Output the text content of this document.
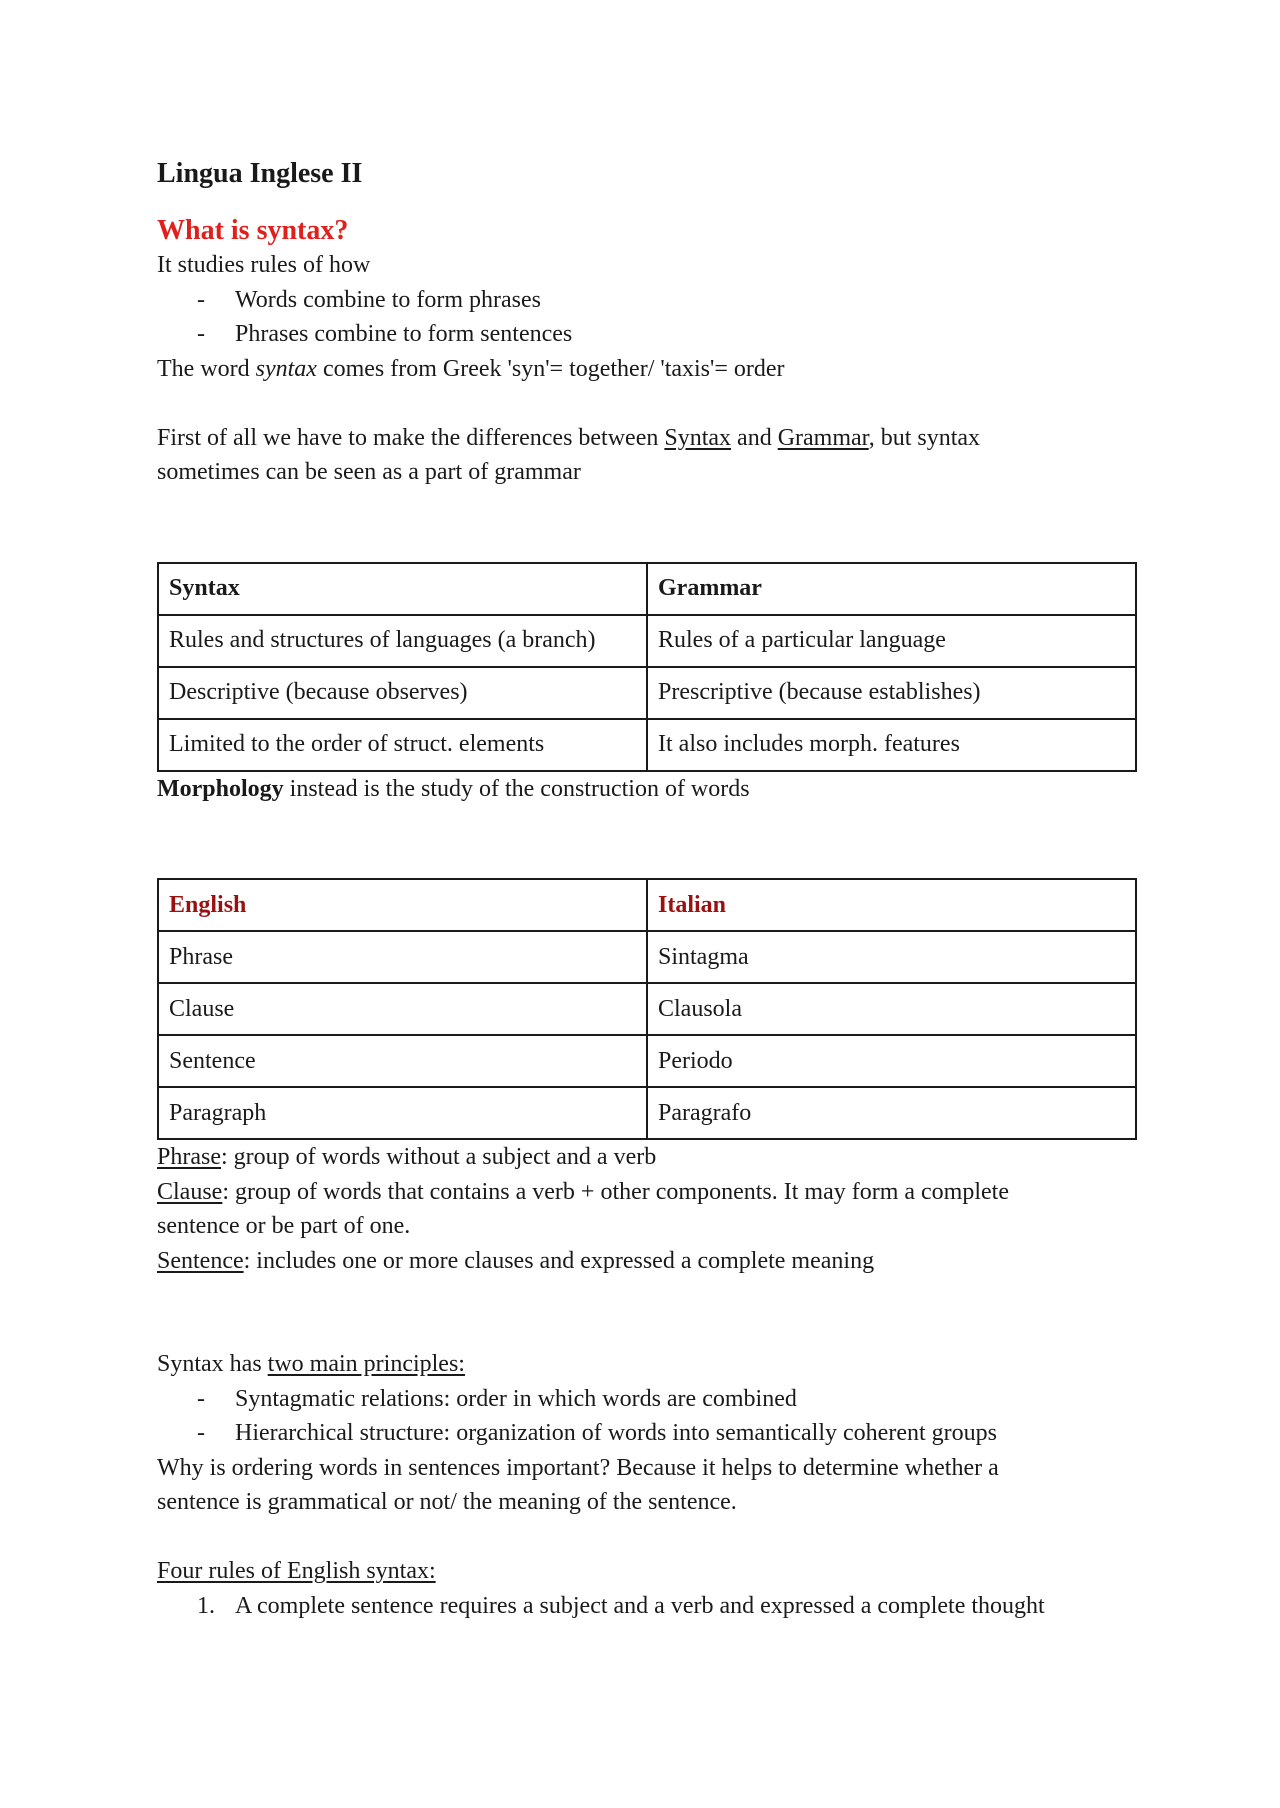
Lingua Inglese II
What is syntax?
It studies rules of how
- Words combine to form phrases
- Phrases combine to form sentences
The word syntax comes from Greek 'syn'= together/ 'taxis'= order
First of all we have to make the differences between Syntax and Grammar, but syntax
sometimes can be seen as a part of grammar
Syntax	Grammar
Rules and structures of languages (a branch)	Rules of a particular language
Descriptive (because observes)	Prescriptive (because establishes)
Limited to the order of struct. elements	It also includes morph. features
Morphology instead is the study of the construction of words
English	Italian
Phrase	Sintagma
Clause	Clausola
Sentence	Periodo
Paragraph	Paragrafo
Phrase: group of words without a subject and a verb
Clause: group of words that contains a verb + other components. It may form a complete
sentence or be part of one.
Sentence: includes one or more clauses and expressed a complete meaning
Syntax has two main principles:
- Syntagmatic relations: order in which words are combined
- Hierarchical structure: organization of words into semantically coherent groups
Why is ordering words in sentences important? Because it helps to determine whether a
sentence is grammatical or not/ the meaning of the sentence.
Four rules of English syntax:
1. A complete sentence requires a subject and a verb and expressed a complete thought
